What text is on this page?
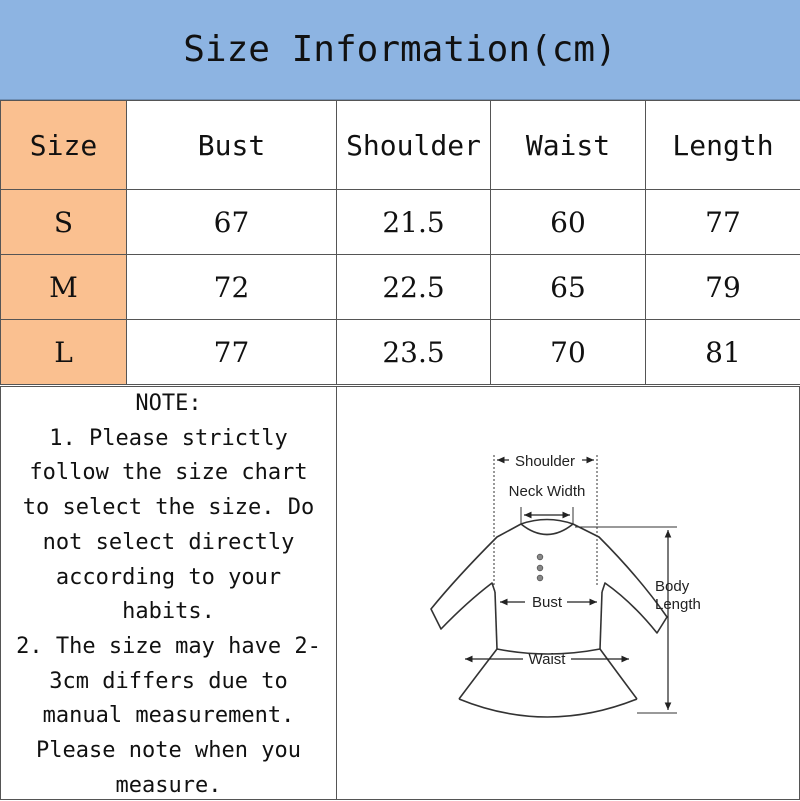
Size Information(cm)
Size	Bust	Shoulder	Waist	Length
S	67	21.5	60	77
M	72	22.5	65	79
L	77	23.5	70	81
NOTE:
1. Please strictly
follow the size chart
to select the size. Do
not select directly
according to your
habits.
2. The size may have 2-
3cm differs due to
manual measurement.
Please note when you
measure.
Shoulder
Neck Width
Bust
Waist
Body
Length
